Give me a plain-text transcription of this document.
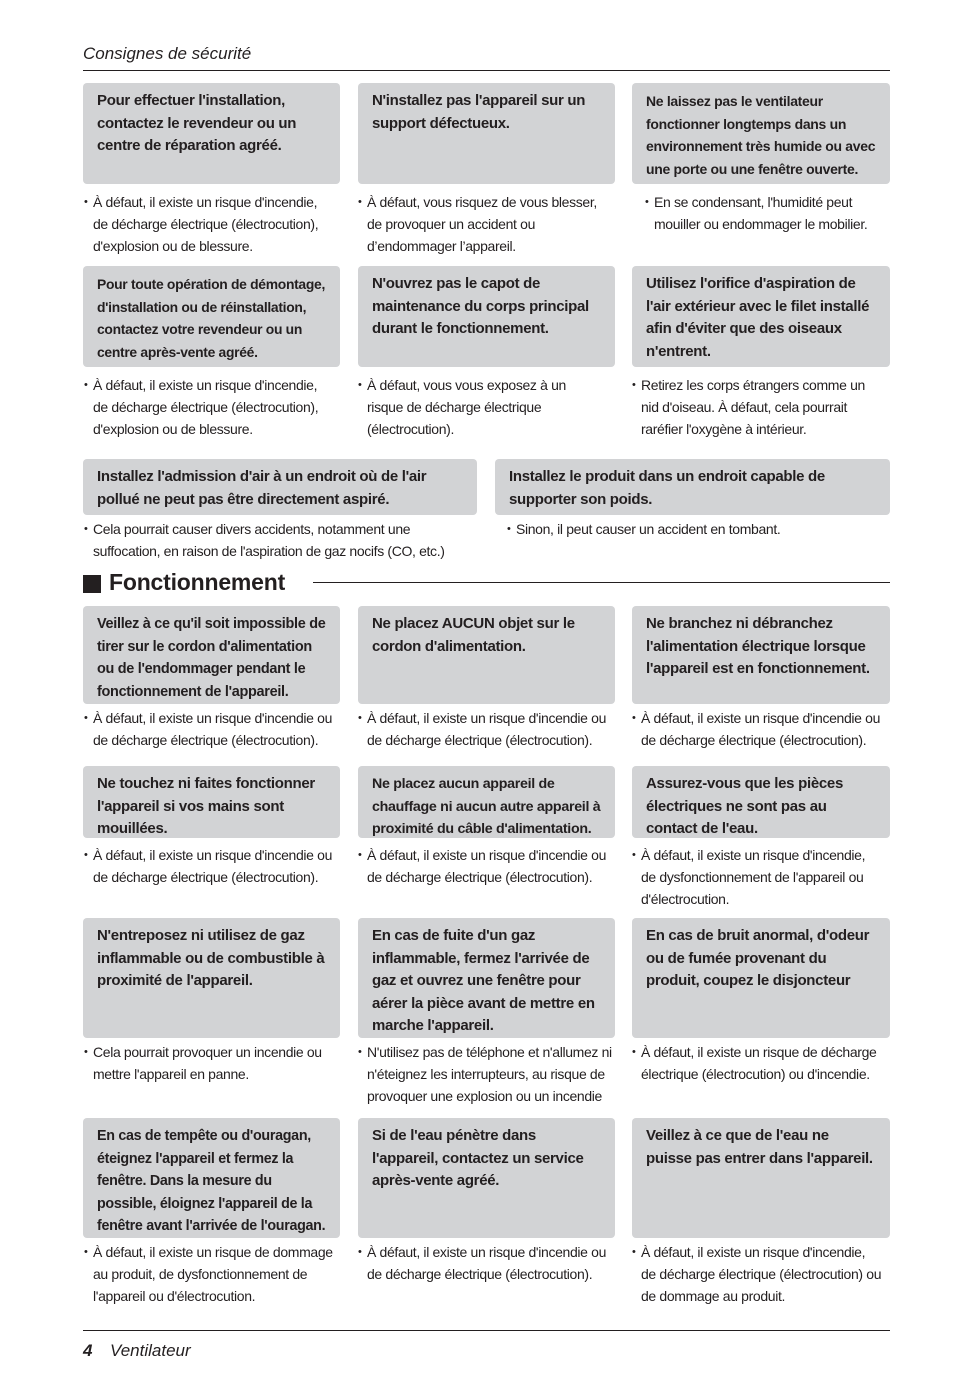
Consignes de sécurité
Pour effectuer l'installation,
contactez le revendeur ou un
centre de réparation agréé.
N'installez pas l'appareil sur un
support défectueux.
Ne laissez pas le ventilateur
fonctionner longtemps dans un
environnement très humide ou avec
une porte ou une fenêtre ouverte.
• À défaut, il existe un risque d'incendie,
de décharge électrique (électrocution),
d'explosion ou de blessure.
• À défaut, vous risquez de vous blesser,
de provoquer un accident ou
d’endommager l’appareil.
• En se condensant, l'humidité peut
mouiller ou endommager le mobilier.
Pour toute opération de démontage,
d'installation ou de réinstallation,
contactez votre revendeur ou un
centre après-vente agréé.
N'ouvrez pas le capot de
maintenance du corps principal
durant le fonctionnement.
Utilisez l'orifice d'aspiration de
l'air extérieur avec le filet installé
afin d'éviter que des oiseaux
n'entrent.
• À défaut, il existe un risque d'incendie,
de décharge électrique (électrocution),
d'explosion ou de blessure.
• À défaut, vous vous exposez à un
risque de décharge électrique
(électrocution).
• Retirez les corps étrangers comme un
nid d'oiseau. À défaut, cela pourrait
raréfier l'oxygène à intérieur.
Installez l'admission d'air à un endroit où de l'air
pollué ne peut pas être directement aspiré.
Installez le produit dans un endroit capable de
supporter son poids.
• Cela pourrait causer divers accidents, notamment une
suffocation, en raison de l'aspiration de gaz nocifs (CO, etc.)
• Sinon, il peut causer un accident en tombant.
Fonctionnement
Veillez à ce qu'il soit impossible de
tirer sur le cordon d'alimentation
ou de l'endommager pendant le
fonctionnement de l'appareil.
Ne placez AUCUN objet sur le
cordon d'alimentation.
Ne branchez ni débranchez
l'alimentation électrique lorsque
l'appareil est en fonctionnement.
• À défaut, il existe un risque d'incendie ou
de décharge électrique (électrocution).
• À défaut, il existe un risque d'incendie ou
de décharge électrique (électrocution).
• À défaut, il existe un risque d'incendie ou
de décharge électrique (électrocution).
Ne touchez ni faites fonctionner
l'appareil si vos mains sont
mouillées.
Ne placez aucun appareil de
chauffage ni aucun autre appareil à
proximité du câble d'alimentation.
Assurez-vous que les pièces
électriques ne sont pas au
contact de l'eau.
• À défaut, il existe un risque d'incendie ou
de décharge électrique (électrocution).
• À défaut, il existe un risque d'incendie ou
de décharge électrique (électrocution).
• À défaut, il existe un risque d'incendie,
de dysfonctionnement de l'appareil ou
d'électrocution.
N'entreposez ni utilisez de gaz
inflammable ou de combustible à
proximité de l'appareil.
En cas de fuite d'un gaz
inflammable, fermez l'arrivée de
gaz et ouvrez une fenêtre pour
aérer la pièce avant de mettre en
marche l'appareil.
En cas de bruit anormal, d'odeur
ou de fumée provenant du
produit, coupez le disjoncteur
• Cela pourrait provoquer un incendie ou
mettre l'appareil en panne.
• N'utilisez pas de téléphone et n'allumez ni
n'éteignez les interrupteurs, au risque de
provoquer une explosion ou un incendie
• À défaut, il existe un risque de décharge
électrique (électrocution) ou d'incendie.
En cas de tempête ou d'ouragan,
éteignez l'appareil et fermez la
fenêtre. Dans la mesure du
possible, éloignez l'appareil de la
fenêtre avant l'arrivée de l'ouragan.
Si de l'eau pénètre dans
l'appareil, contactez un service
après-vente agréé.
Veillez à ce que de l'eau ne
puisse pas entrer dans l'appareil.
• À défaut, il existe un risque de dommage
au produit, de dysfonctionnement de
l'appareil ou d'électrocution.
• À défaut, il existe un risque d'incendie ou
de décharge électrique (électrocution).
• À défaut, il existe un risque d'incendie,
de décharge électrique (électrocution) ou
de dommage au produit.
4 Ventilateur
